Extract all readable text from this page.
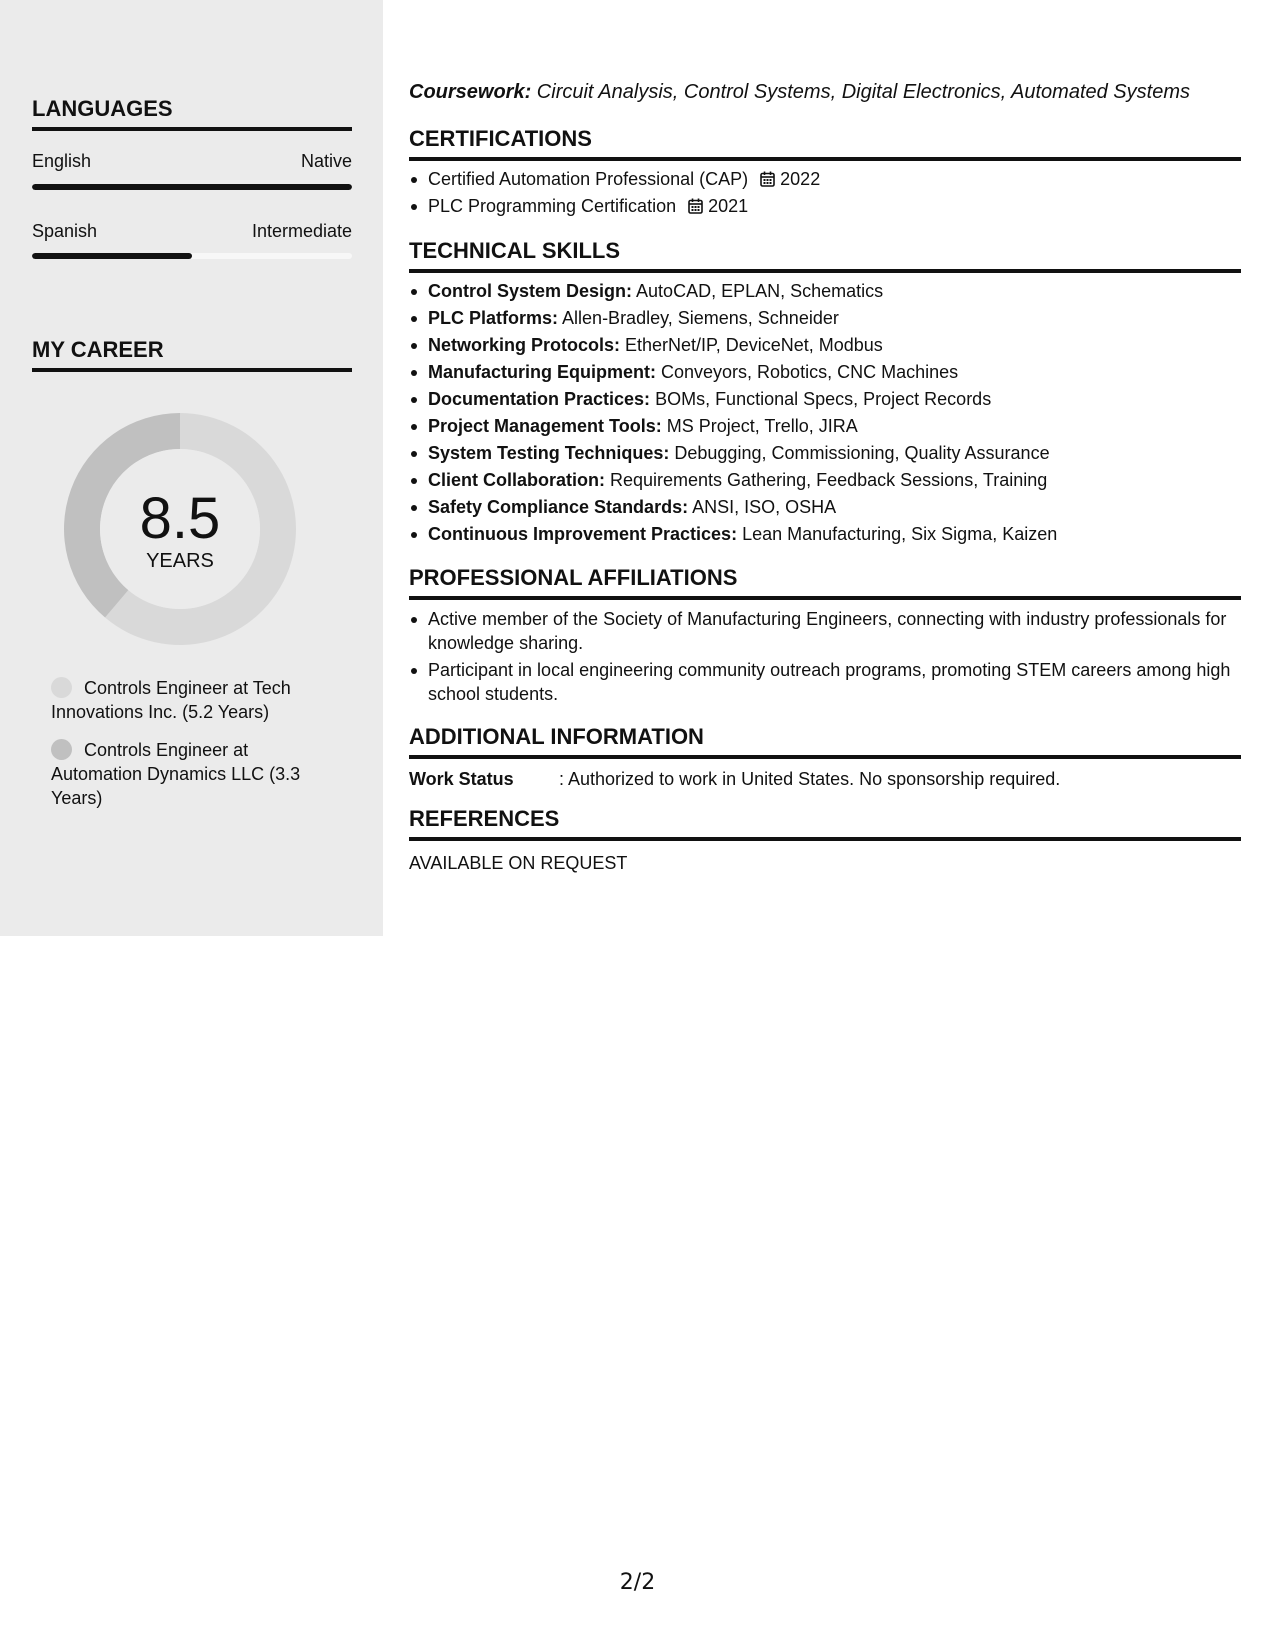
LANGUAGES
English	Native
Spanish	Intermediate
MY CAREER
8.5
YEARS
Controls Engineer at Tech Innovations Inc. (5.2 Years)
Controls Engineer at Automation Dynamics LLC (3.3 Years)
Coursework: Circuit Analysis, Control Systems, Digital Electronics, Automated Systems
CERTIFICATIONS
Certified Automation Professional (CAP) 2022
PLC Programming Certification 2021
TECHNICAL SKILLS
Control System Design: AutoCAD, EPLAN, Schematics
PLC Platforms: Allen-Bradley, Siemens, Schneider
Networking Protocols: EtherNet/IP, DeviceNet, Modbus
Manufacturing Equipment: Conveyors, Robotics, CNC Machines
Documentation Practices: BOMs, Functional Specs, Project Records
Project Management Tools: MS Project, Trello, JIRA
System Testing Techniques: Debugging, Commissioning, Quality Assurance
Client Collaboration: Requirements Gathering, Feedback Sessions, Training
Safety Compliance Standards: ANSI, ISO, OSHA
Continuous Improvement Practices: Lean Manufacturing, Six Sigma, Kaizen
PROFESSIONAL AFFILIATIONS
Active member of the Society of Manufacturing Engineers, connecting with industry professionals for knowledge sharing.
Participant in local engineering community outreach programs, promoting STEM careers among high school students.
ADDITIONAL INFORMATION
Work Status	: Authorized to work in United States. No sponsorship required.
REFERENCES
AVAILABLE ON REQUEST
2/2
